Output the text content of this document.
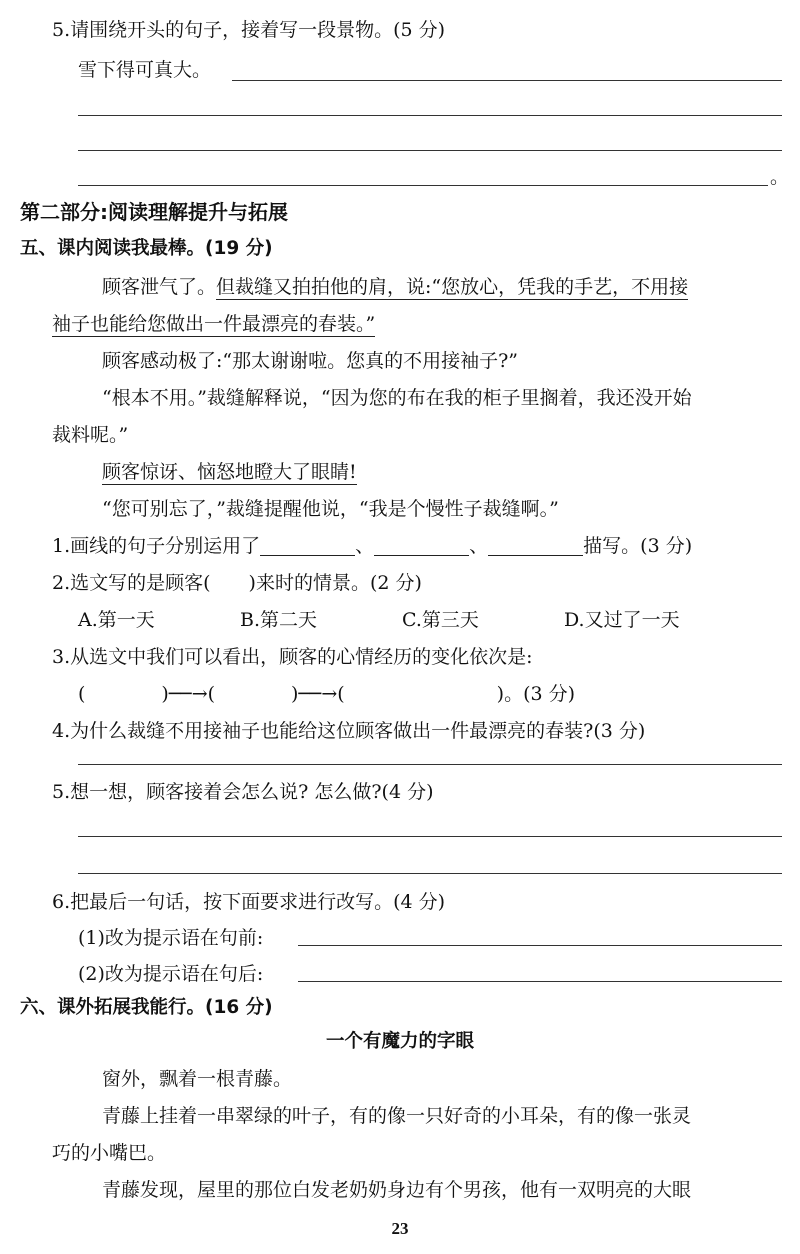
5.请围绕开头的句子，接着写一段景物。(5 分)
雪下得可真大。
。
第二部分:阅读理解提升与拓展
五、课内阅读我最棒。(19 分)
顾客泄气了。但裁缝又拍拍他的肩，说:“您放心，凭我的手艺，不用接
袖子也能给您做出一件最漂亮的春装。”
顾客感动极了:“那太谢谢啦。您真的不用接袖子?”
“根本不用。”裁缝解释说，“因为您的布在我的柜子里搁着，我还没开始
裁料呢。”
顾客惊讶、恼怒地瞪大了眼睛!
“您可别忘了，”裁缝提醒他说，“我是个慢性子裁缝啊。”
1.画线的句子分别运用了	、	、	描写。(3 分)
2.选文写的是顾客(　　)来时的情景。(2 分)
A.第一天	B.第二天	C.第三天	D.又过了一天
3.从选文中我们可以看出，顾客的心情经历的变化依次是:
(　　　　)──→(　　　　)──→(　　　　　　　　)。(3 分)
4.为什么裁缝不用接袖子也能给这位顾客做出一件最漂亮的春装?(3 分)
5.想一想，顾客接着会怎么说? 怎么做?(4 分)
6.把最后一句话，按下面要求进行改写。(4 分)
(1)改为提示语在句前:
(2)改为提示语在句后:
六、课外拓展我能行。(16 分)
一个有魔力的字眼
窗外，飘着一根青藤。
青藤上挂着一串翠绿的叶子，有的像一只好奇的小耳朵，有的像一张灵
巧的小嘴巴。
青藤发现，屋里的那位白发老奶奶身边有个男孩，他有一双明亮的大眼
23
